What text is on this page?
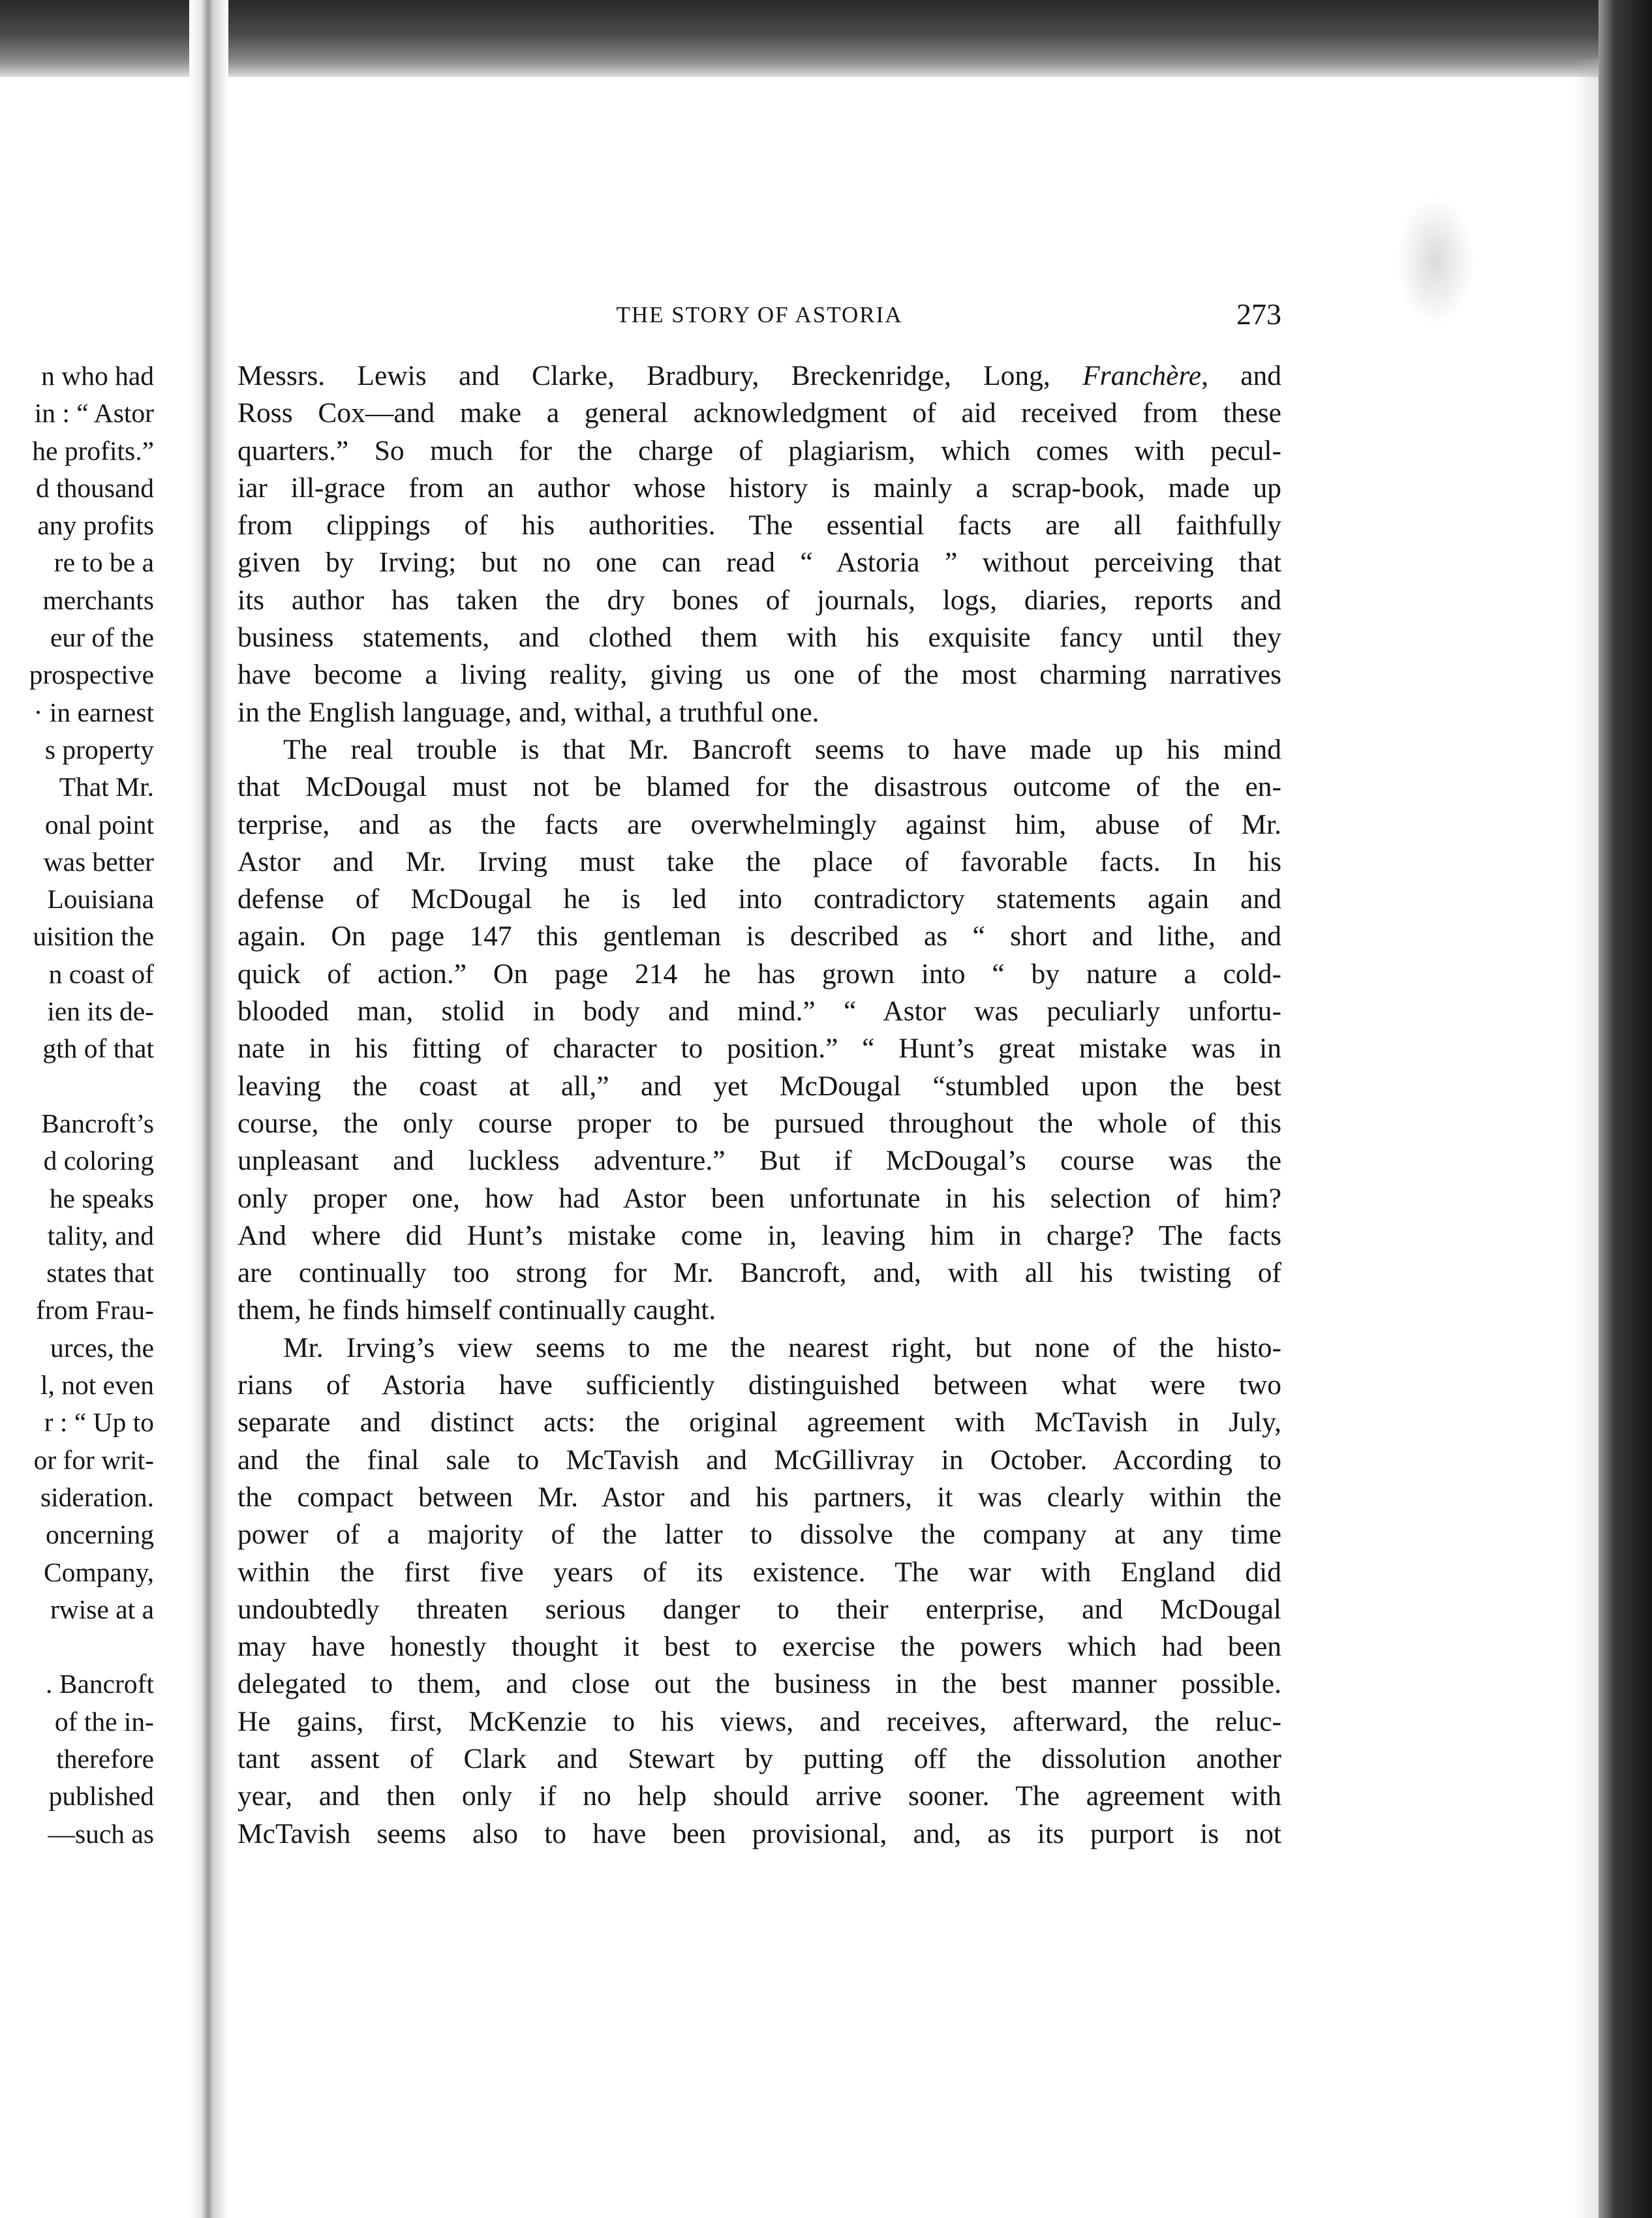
n who had
in : “ Astor
he profits.”
d thousand
any profits
re to be a
merchants
eur of the
prospective
· in earnest
s property
That Mr.
onal point
was better
Louisiana
uisition the
n coast of
ien its de-
gth of that
Bancroft’s
d coloring
he speaks
tality, and
states that
from Frau-
urces, the
l, not even
r : “ Up to
or for writ-
sideration.
oncerning
Company,
rwise at a
. Bancroft
of the in-
therefore
published
—such as
THE STORY OF ASTORIA	273
Messrs. Lewis and Clarke, Bradbury, Breckenridge, Long, Franchère, and
Ross Cox—and make a general acknowledgment of aid received from these
quarters.” So much for the charge of plagiarism, which comes with pecul-
iar ill-grace from an author whose history is mainly a scrap-book, made up
from clippings of his authorities. The essential facts are all faithfully
given by Irving; but no one can read “ Astoria ” without perceiving that
its author has taken the dry bones of journals, logs, diaries, reports and
business statements, and clothed them with his exquisite fancy until they
have become a living reality, giving us one of the most charming narratives
in the English language, and, withal, a truthful one.
The real trouble is that Mr. Bancroft seems to have made up his mind
that McDougal must not be blamed for the disastrous outcome of the en-
terprise, and as the facts are overwhelmingly against him, abuse of Mr.
Astor and Mr. Irving must take the place of favorable facts. In his
defense of McDougal he is led into contradictory statements again and
again. On page 147 this gentleman is described as “ short and lithe, and
quick of action.” On page 214 he has grown into “ by nature a cold-
blooded man, stolid in body and mind.” “ Astor was peculiarly unfortu-
nate in his fitting of character to position.” “ Hunt’s great mistake was in
leaving the coast at all,” and yet McDougal “stumbled upon the best
course, the only course proper to be pursued throughout the whole of this
unpleasant and luckless adventure.” But if McDougal’s course was the
only proper one, how had Astor been unfortunate in his selection of him?
And where did Hunt’s mistake come in, leaving him in charge? The facts
are continually too strong for Mr. Bancroft, and, with all his twisting of
them, he finds himself continually caught.
Mr. Irving’s view seems to me the nearest right, but none of the histo-
rians of Astoria have sufficiently distinguished between what were two
separate and distinct acts: the original agreement with McTavish in July,
and the final sale to McTavish and McGillivray in October. According to
the compact between Mr. Astor and his partners, it was clearly within the
power of a majority of the latter to dissolve the company at any time
within the first five years of its existence. The war with England did
undoubtedly threaten serious danger to their enterprise, and McDougal
may have honestly thought it best to exercise the powers which had been
delegated to them, and close out the business in the best manner possible.
He gains, first, McKenzie to his views, and receives, afterward, the reluc-
tant assent of Clark and Stewart by putting off the dissolution another
year, and then only if no help should arrive sooner. The agreement with
McTavish seems also to have been provisional, and, as its purport is not
